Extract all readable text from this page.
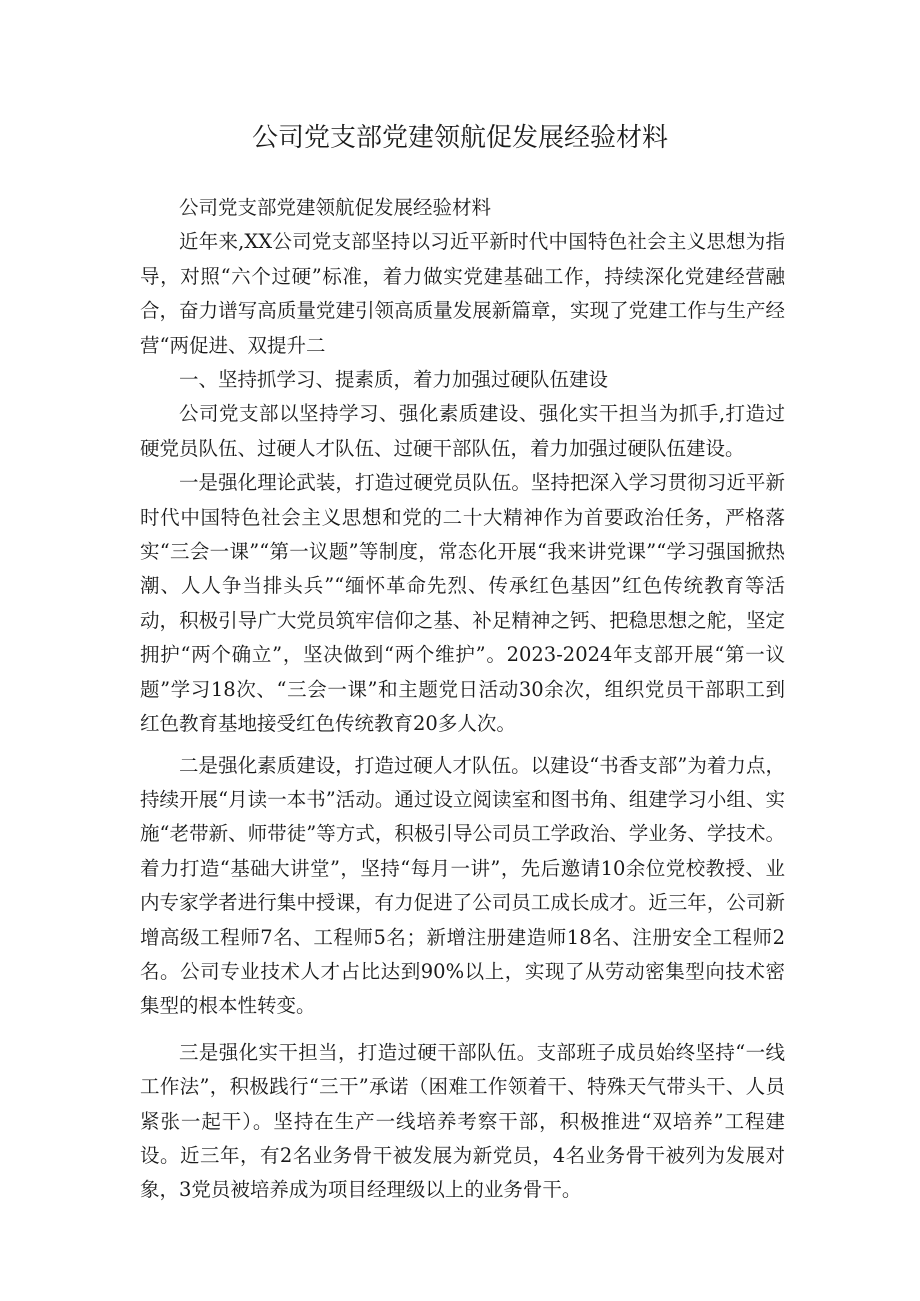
公司党支部党建领航促发展经验材料

公司党支部党建领航促发展经验材料

近年来,XX公司党支部坚持以习近平新时代中国特色社会主义思想为指导，对照“六个过硬”标准，着力做实党建基础工作，持续深化党建经营融合，奋力谱写高质量党建引领高质量发展新篇章，实现了党建工作与生产经营“两促进、双提升二

一、坚持抓学习、提素质，着力加强过硬队伍建设

公司党支部以坚持学习、强化素质建设、强化实干担当为抓手,打造过硬党员队伍、过硬人才队伍、过硬干部队伍，着力加强过硬队伍建设。

一是强化理论武装，打造过硬党员队伍。坚持把深入学习贯彻习近平新时代中国特色社会主义思想和党的二十大精神作为首要政治任务，严格落实“三会一课”“第一议题”等制度，常态化开展“我来讲党课”“学习强国掀热潮、人人争当排头兵”“缅怀革命先烈、传承红色基因”红色传统教育等活动，积极引导广大党员筑牢信仰之基、补足精神之钙、把稳思想之舵，坚定拥护“两个确立”，坚决做到“两个维护”。2023-2024年支部开展“第一议题”学习18次、“三会一课”和主题党日活动30余次，组织党员干部职工到红色教育基地接受红色传统教育20多人次。

二是强化素质建设，打造过硬人才队伍。以建设“书香支部”为着力点，持续开展“月读一本书”活动。通过设立阅读室和图书角、组建学习小组、实施“老带新、师带徒”等方式，积极引导公司员工学政治、学业务、学技术。着力打造“基础大讲堂”，坚持“每月一讲”，先后邀请10余位党校教授、业内专家学者进行集中授课，有力促进了公司员工成长成才。近三年，公司新增高级工程师7名、工程师5名；新增注册建造师18名、注册安全工程师2名。公司专业技术人才占比达到90%以上，实现了从劳动密集型向技术密集型的根本性转变。

三是强化实干担当，打造过硬干部队伍。支部班子成员始终坚持“一线工作法”，积极践行“三干”承诺（困难工作领着干、特殊天气带头干、人员紧张一起干）。坚持在生产一线培养考察干部，积极推进“双培养”工程建设。近三年，有2名业务骨干被发展为新党员，4名业务骨干被列为发展对象，3党员被培养成为项目经理级以上的业务骨干。
